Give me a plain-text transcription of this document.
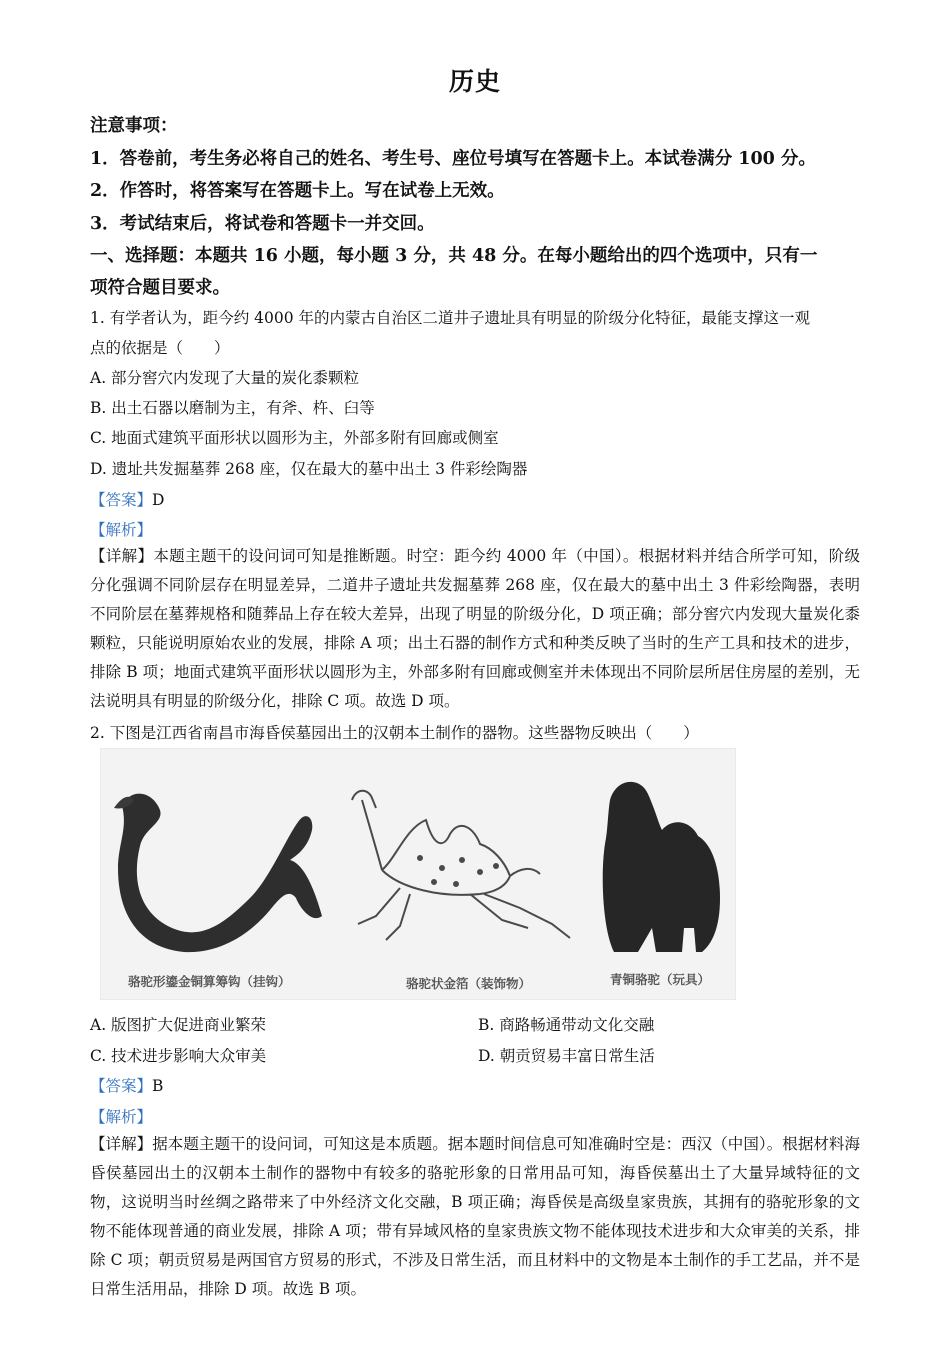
历史
注意事项：
1．答卷前，考生务必将自己的姓名、考生号、座位号填写在答题卡上。本试卷满分 100 分。
2．作答时，将答案写在答题卡上。写在试卷上无效。
3．考试结束后，将试卷和答题卡一并交回。
一、选择题：本题共 16 小题，每小题 3 分，共 48 分。在每小题给出的四个选项中，只有一
项符合题目要求。
1. 有学者认为，距今约 4000 年的内蒙古自治区二道井子遗址具有明显的阶级分化特征，最能支撑这一观
点的依据是（　　）
A. 部分窖穴内发现了大量的炭化黍颗粒
B. 出土石器以磨制为主，有斧、杵、臼等
C. 地面式建筑平面形状以圆形为主，外部多附有回廊或侧室
D. 遗址共发掘墓葬 268 座，仅在最大的墓中出土 3 件彩绘陶器
【答案】D
【解析】
【详解】本题主题干的设问词可知是推断题。时空：距今约 4000 年（中国）。根据材料并结合所学可知，阶级分化强调不同阶层存在明显差异，二道井子遗址共发掘墓葬 268 座，仅在最大的墓中出土 3 件彩绘陶器，表明不同阶层在墓葬规格和随葬品上存在较大差异，出现了明显的阶级分化，D 项正确；部分窖穴内发现大量炭化黍颗粒，只能说明原始农业的发展，排除 A 项；出土石器的制作方式和种类反映了当时的生产工具和技术的进步，排除 B 项；地面式建筑平面形状以圆形为主，外部多附有回廊或侧室并未体现出不同阶层所居住房屋的差别，无法说明具有明显的阶级分化，排除 C 项。故选 D 项。
2. 下图是江西省南昌市海昏侯墓园出土的汉朝本土制作的器物。这些器物反映出（　　）
骆驼形鎏金铜算筹钩（挂钩）	骆驼状金箔（装饰物）	青铜骆驼（玩具）
A. 版图扩大促进商业繁荣	B. 商路畅通带动文化交融
C. 技术进步影响大众审美	D. 朝贡贸易丰富日常生活
【答案】B
【解析】
【详解】据本题主题干的设问词，可知这是本质题。据本题时间信息可知准确时空是：西汉（中国）。根据材料海昏侯墓园出土的汉朝本土制作的器物中有较多的骆驼形象的日常用品可知，海昏侯墓出土了大量异域特征的文物，这说明当时丝绸之路带来了中外经济文化交融，B 项正确；海昏侯是高级皇家贵族，其拥有的骆驼形象的文物不能体现普通的商业发展，排除 A 项；带有异域风格的皇家贵族文物不能体现技术进步和大众审美的关系，排除 C 项；朝贡贸易是两国官方贸易的形式，不涉及日常生活，而且材料中的文物是本土制作的手工艺品，并不是日常生活用品，排除 D 项。故选 B 项。
